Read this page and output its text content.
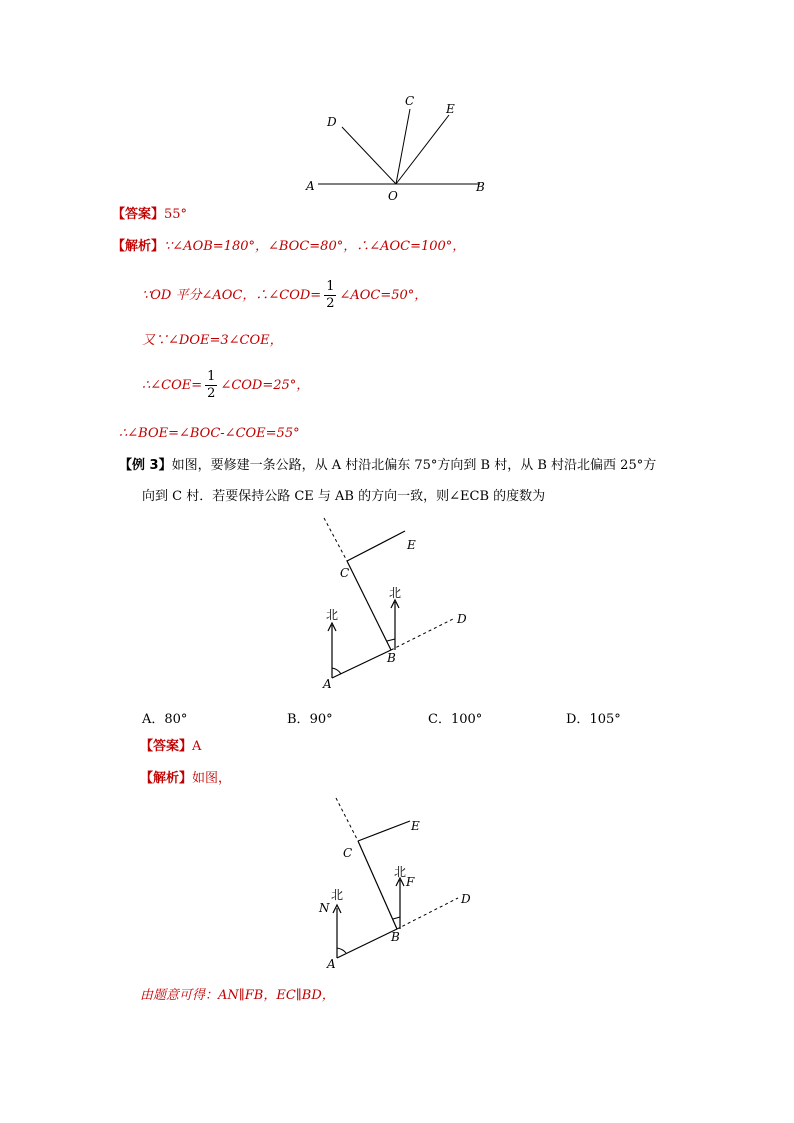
A	B
O
D
C
E
【答案】55°
【解析】∵∠AOB=180°，∠BOC=80°，∴∠AOC=100°，
∵OD 平分∠AOC，∴∠COD= $\frac{1}{2}$ ∠AOC=50°，
又∵∠DOE=3∠COE，
∴∠COE= $\frac{1}{2}$ ∠COD=25°，
∴∠BOE=∠BOC-∠COE=55°
【例 3】如图，要修建一条公路，从 A 村沿北偏东 75°方向到 B 村，从 B 村沿北偏西 25°方
向到 C 村．若要保持公路 CE 与 AB 的方向一致，则∠ECB 的度数为
北
北
C
E
D
B
A
A．80°	B．90°	C．100°	D．105°
【答案】A
【解析】如图，
北
N
北
F
C
E
D
B
A
由题意可得：AN∥FB，EC∥BD，
